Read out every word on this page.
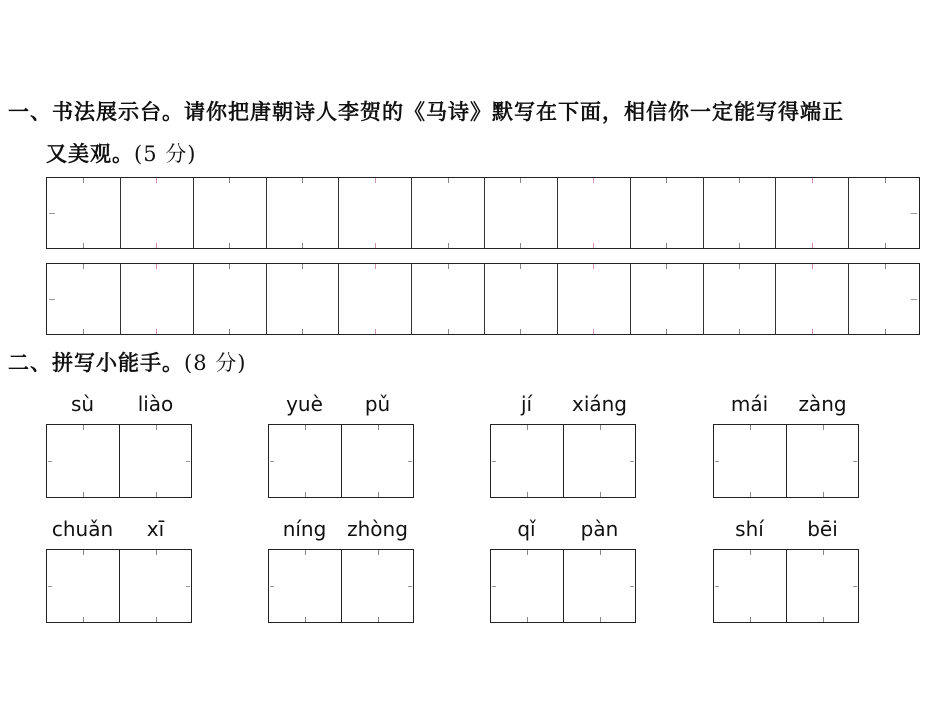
一、书法展示台。请你把唐朝诗人李贺的《马诗》默写在下面，相信你一定能写得端正
又美观。(5 分)
二、拼写小能手。(8 分)
sù	liào	yuè	pǔ	jí	xiáng	mái	zàng
chuǎn	xī	níng	zhòng	qǐ	pàn	shí	bēi
